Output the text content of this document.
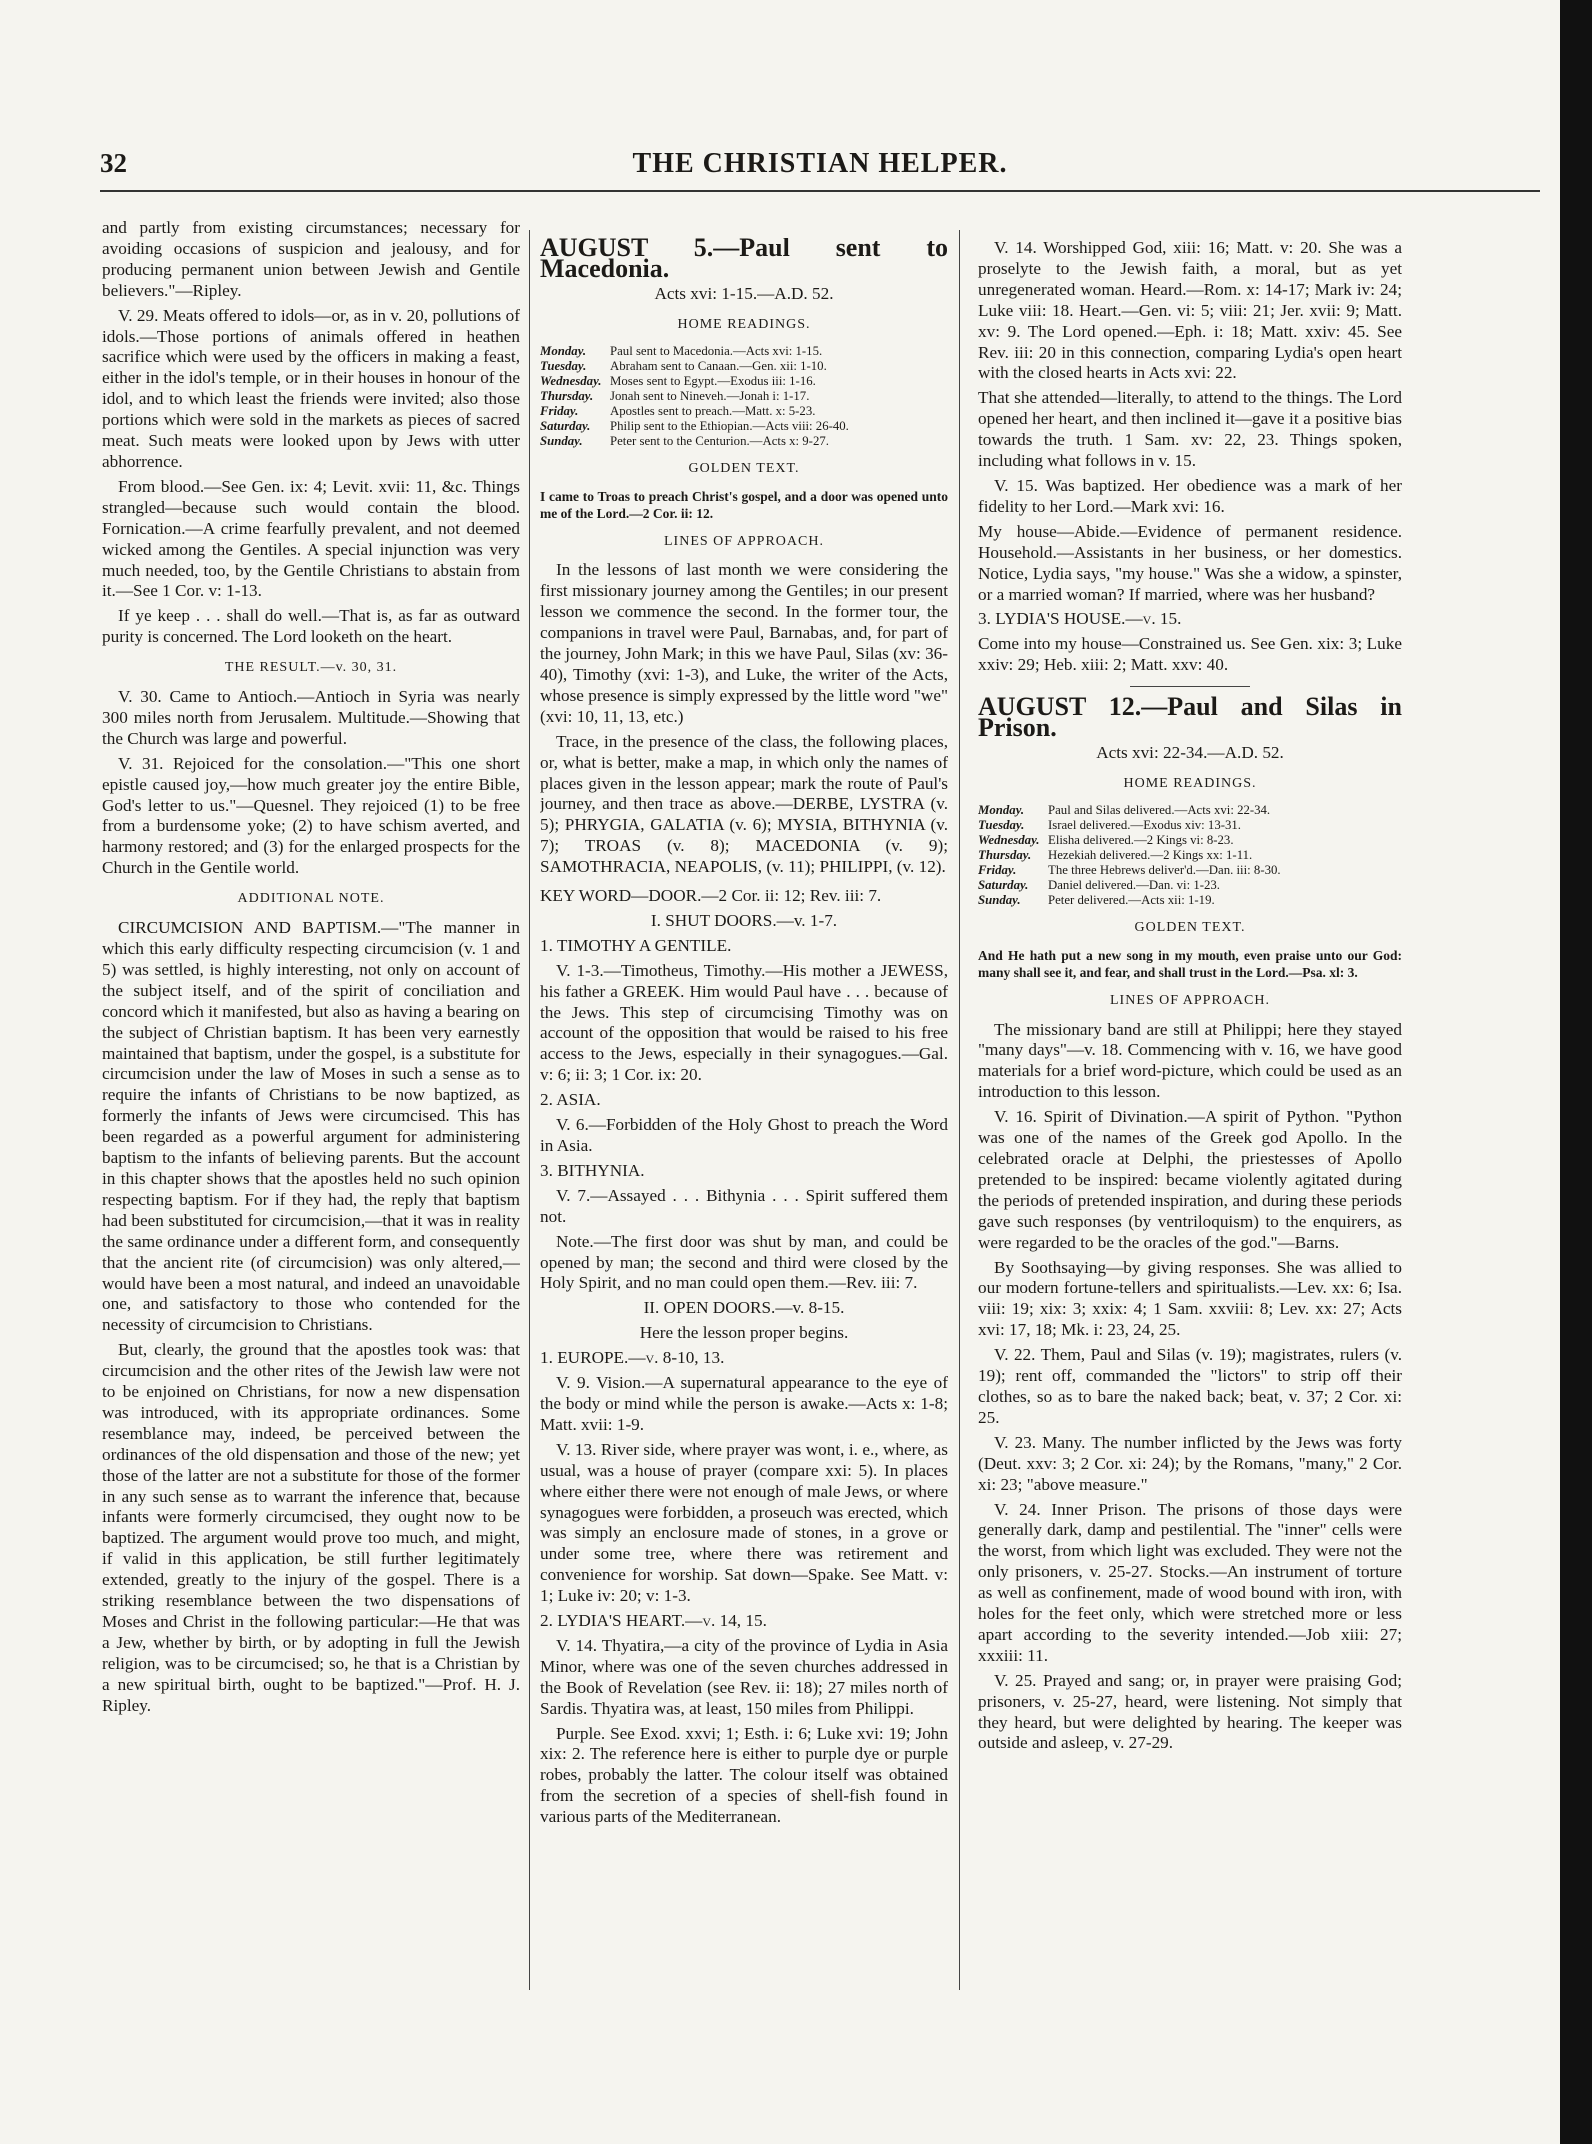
32	THE CHRISTIAN HELPER.

and partly from existing circumstances; necessary for avoiding occasions of suspicion and jealousy, and for producing permanent union between Jewish and Gentile believers."—Ripley.

V. 29. Meats offered to idols—or, as in v. 20, pollutions of idols.—Those portions of animals offered in heathen sacrifice which were used by the officers in making a feast, either in the idol's temple, or in their houses in honour of the idol, and to which least the friends were invited; also those portions which were sold in the markets as pieces of sacred meat. Such meats were looked upon by Jews with utter abhorrence.

From blood.—See Gen. ix: 4; Levit. xvii: 11, &c. Things strangled—because such would contain the blood. Fornication.—A crime fearfully prevalent, and not deemed wicked among the Gentiles. A special injunction was very much needed, too, by the Gentile Christians to abstain from it.—See 1 Cor. v: 1-13.

If ye keep . . . shall do well.—That is, as far as outward purity is concerned. The Lord looketh on the heart.

THE RESULT.—v. 30, 31.

V. 30. Came to Antioch.—Antioch in Syria was nearly 300 miles north from Jerusalem. Multitude.—Showing that the Church was large and powerful.

V. 31. Rejoiced for the consolation.—"This one short epistle caused joy,—how much greater joy the entire Bible, God's letter to us."—Quesnel. They rejoiced (1) to be free from a burdensome yoke; (2) to have schism averted, and harmony restored; and (3) for the enlarged prospects for the Church in the Gentile world.

ADDITIONAL NOTE.

CIRCUMCISION AND BAPTISM.—"The manner in which this early difficulty respecting circumcision (v. 1 and 5) was settled, is highly interesting, not only on account of the subject itself, and of the spirit of conciliation and concord which it manifested, but also as having a bearing on the subject of Christian baptism. It has been very earnestly maintained that baptism, under the gospel, is a substitute for circumcision under the law of Moses in such a sense as to require the infants of Christians to be now baptized, as formerly the infants of Jews were circumcised. This has been regarded as a powerful argument for administering baptism to the infants of believing parents. But the account in this chapter shows that the apostles held no such opinion respecting baptism. For if they had, the reply that baptism had been substituted for circumcision,—that it was in reality the same ordinance under a different form, and consequently that the ancient rite (of circumcision) was only altered,—would have been a most natural, and indeed an unavoidable one, and satisfactory to those who contended for the necessity of circumcision to Christians.

But, clearly, the ground that the apostles took was: that circumcision and the other rites of the Jewish law were not to be enjoined on Christians, for now a new dispensation was introduced, with its appropriate ordinances. Some resemblance may, indeed, be perceived between the ordinances of the old dispensation and those of the new; yet those of the latter are not a substitute for those of the former in any such sense as to warrant the inference that, because infants were formerly circumcised, they ought now to be baptized. The argument would prove too much, and might, if valid in this application, be still further legitimately extended, greatly to the injury of the gospel. There is a striking resemblance between the two dispensations of Moses and Christ in the following particular:—He that was a Jew, whether by birth, or by adopting in full the Jewish religion, was to be circumcised; so, he that is a Christian by a new spiritual birth, ought to be baptized."—Prof. H. J. Ripley.

AUGUST 5.—Paul sent to Macedonia.
Acts xvi: 1-15.—A.D. 52.
HOME READINGS.
Monday.	Paul sent to Macedonia.—Acts xvi: 1-15.
Tuesday.	Abraham sent to Canaan.—Gen. xii: 1-10.
Wednesday.	Moses sent to Egypt.—Exodus iii: 1-16.
Thursday.	Jonah sent to Nineveh.—Jonah i: 1-17.
Friday.	Apostles sent to preach.—Matt. x: 5-23.
Saturday.	Philip sent to the Ethiopian.—Acts viii: 26-40.
Sunday.	Peter sent to the Centurion.—Acts x: 9-27.
GOLDEN TEXT.

I came to Troas to preach Christ's gospel, and a door was opened unto me of the Lord.—2 Cor. ii: 12.

LINES OF APPROACH.

In the lessons of last month we were considering the first missionary journey among the Gentiles; in our present lesson we commence the second. In the former tour, the companions in travel were Paul, Barnabas, and, for part of the journey, John Mark; in this we have Paul, Silas (xv: 36-40), Timothy (xvi: 1-3), and Luke, the writer of the Acts, whose presence is simply expressed by the little word "we" (xvi: 10, 11, 13, etc.)

Trace, in the presence of the class, the following places, or, what is better, make a map, in which only the names of places given in the lesson appear; mark the route of Paul's journey, and then trace as above.—DERBE, LYSTRA (v. 5); PHRYGIA, GALATIA (v. 6); MYSIA, BITHYNIA (v. 7); TROAS (v. 8); MACEDONIA (v. 9); SAMOTHRACIA, NEAPOLIS, (v. 11); PHILIPPI, (v. 12).

KEY WORD—DOOR.—2 Cor. ii: 12; Rev. iii: 7.

I. SHUT DOORS.—v. 1-7.

1. TIMOTHY A GENTILE.

V. 1-3.—Timotheus, Timothy.—His mother a JEWESS, his father a GREEK. Him would Paul have . . . because of the Jews. This step of circumcising Timothy was on account of the opposition that would be raised to his free access to the Jews, especially in their synagogues.—Gal. v: 6; ii: 3; 1 Cor. ix: 20.

2. ASIA.

V. 6.—Forbidden of the Holy Ghost to preach the Word in Asia.

3. BITHYNIA.

V. 7.—Assayed . . . Bithynia . . . Spirit suffered them not.

Note.—The first door was shut by man, and could be opened by man; the second and third were closed by the Holy Spirit, and no man could open them.—Rev. iii: 7.

II. OPEN DOORS.—v. 8-15.
Here the lesson proper begins.

1. EUROPE.—v. 8-10, 13.

V. 9. Vision.—A supernatural appearance to the eye of the body or mind while the person is awake.—Acts x: 1-8; Matt. xvii: 1-9.

V. 13. River side, where prayer was wont, i. e., where, as usual, was a house of prayer (compare xxi: 5). In places where either there were not enough of male Jews, or where synagogues were forbidden, a proseuch was erected, which was simply an enclosure made of stones, in a grove or under some tree, where there was retirement and convenience for worship. Sat down—Spake. See Matt. v: 1; Luke iv: 20; v: 1-3.

2. LYDIA'S HEART.—v. 14, 15.

V. 14. Thyatira,—a city of the province of Lydia in Asia Minor, where was one of the seven churches addressed in the Book of Revelation (see Rev. ii: 18); 27 miles north of Sardis. Thyatira was, at least, 150 miles from Philippi.

Purple. See Exod. xxvi; 1; Esth. i: 6; Luke xvi: 19; John xix: 2. The reference here is either to purple dye or purple robes, probably the latter. The colour itself was obtained from the secretion of a species of shell-fish found in various parts of the Mediterranean.

V. 14. Worshipped God, xiii: 16; Matt. v: 20. She was a proselyte to the Jewish faith, a moral, but as yet unregenerated woman. Heard.—Rom. x: 14-17; Mark iv: 24; Luke viii: 18. Heart.—Gen. vi: 5; viii: 21; Jer. xvii: 9; Matt. xv: 9. The Lord opened.—Eph. i: 18; Matt. xxiv: 45. See Rev. iii: 20 in this connection, comparing Lydia's open heart with the closed hearts in Acts xvi: 22.

That she attended—literally, to attend to the things. The Lord opened her heart, and then inclined it—gave it a positive bias towards the truth. 1 Sam. xv: 22, 23. Things spoken, including what follows in v. 15.

V. 15. Was baptized. Her obedience was a mark of her fidelity to her Lord.—Mark xvi: 16.

My house—Abide.—Evidence of permanent residence. Household.—Assistants in her business, or her domestics. Notice, Lydia says, "my house." Was she a widow, a spinster, or a married woman? If married, where was her husband?

3. LYDIA'S HOUSE.—v. 15.

Come into my house—Constrained us. See Gen. xix: 3; Luke xxiv: 29; Heb. xiii: 2; Matt. xxv: 40.

AUGUST 12.—Paul and Silas in Prison.
Acts xvi: 22-34.—A.D. 52.
HOME READINGS.
Monday.	Paul and Silas delivered.—Acts xvi: 22-34.
Tuesday.	Israel delivered.—Exodus xiv: 13-31.
Wednesday.	Elisha delivered.—2 Kings vi: 8-23.
Thursday.	Hezekiah delivered.—2 Kings xx: 1-11.
Friday.	The three Hebrews deliver'd.—Dan. iii: 8-30.
Saturday.	Daniel delivered.—Dan. vi: 1-23.
Sunday.	Peter delivered.—Acts xii: 1-19.
GOLDEN TEXT.

And He hath put a new song in my mouth, even praise unto our God: many shall see it, and fear, and shall trust in the Lord.—Psa. xl: 3.

LINES OF APPROACH.

The missionary band are still at Philippi; here they stayed "many days"—v. 18. Commencing with v. 16, we have good materials for a brief word-picture, which could be used as an introduction to this lesson.

V. 16. Spirit of Divination.—A spirit of Python. "Python was one of the names of the Greek god Apollo. In the celebrated oracle at Delphi, the priestesses of Apollo pretended to be inspired: became violently agitated during the periods of pretended inspiration, and during these periods gave such responses (by ventriloquism) to the enquirers, as were regarded to be the oracles of the god."—Barns.

By Soothsaying—by giving responses. She was allied to our modern fortune-tellers and spiritualists.—Lev. xx: 6; Isa. viii: 19; xix: 3; xxix: 4; 1 Sam. xxviii: 8; Lev. xx: 27; Acts xvi: 17, 18; Mk. i: 23, 24, 25.

V. 22. Them, Paul and Silas (v. 19); magistrates, rulers (v. 19); rent off, commanded the "lictors" to strip off their clothes, so as to bare the naked back; beat, v. 37; 2 Cor. xi: 25.

V. 23. Many. The number inflicted by the Jews was forty (Deut. xxv: 3; 2 Cor. xi: 24); by the Romans, "many," 2 Cor. xi: 23; "above measure."

V. 24. Inner Prison. The prisons of those days were generally dark, damp and pestilential. The "inner" cells were the worst, from which light was excluded. They were not the only prisoners, v. 25-27. Stocks.—An instrument of torture as well as confinement, made of wood bound with iron, with holes for the feet only, which were stretched more or less apart according to the severity intended.—Job xiii: 27; xxxiii: 11.

V. 25. Prayed and sang; or, in prayer were praising God; prisoners, v. 25-27, heard, were listening. Not simply that they heard, but were delighted by hearing. The keeper was outside and asleep, v. 27-29.
